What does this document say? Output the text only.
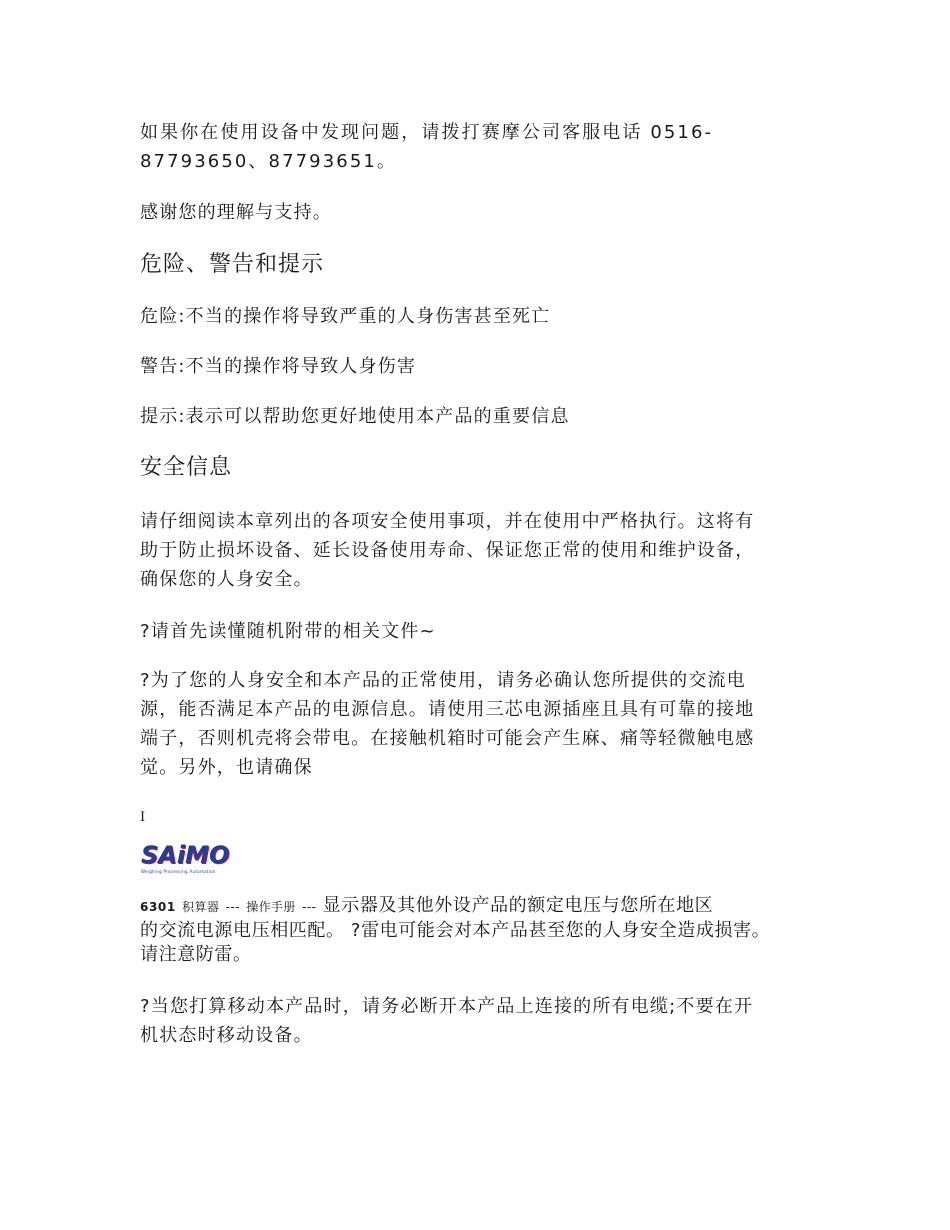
如果你在使用设备中发现问题，请拨打赛摩公司客服电话 0516-
87793650、87793651。

感谢您的理解与支持。

危险、警告和提示

危险:不当的操作将导致严重的人身伤害甚至死亡

警告:不当的操作将导致人身伤害

提示:表示可以帮助您更好地使用本产品的重要信息

安全信息

请仔细阅读本章列出的各项安全使用事项，并在使用中严格执行。这将有
助于防止损坏设备、延长设备使用寿命、保证您正常的使用和维护设备，
确保您的人身安全。

?请首先读懂随机附带的相关文件~

?为了您的人身安全和本产品的正常使用，请务必确认您所提供的交流电
源，能否满足本产品的电源信息。请使用三芯电源插座且具有可靠的接地
端子，否则机壳将会带电。在接触机箱时可能会产生麻、痛等轻微触电感
觉。另外，也请确保

I
SAiMO
Weighing Processing Automation
6301 积算器 --- 操作手册 --- 显示器及其他外设产品的额定电压与您所在地区
的交流电源电压相匹配。 ?雷电可能会对本产品甚至您的人身安全造成损害。
请注意防雷。

?当您打算移动本产品时，请务必断开本产品上连接的所有电缆;不要在开
机状态时移动设备。
